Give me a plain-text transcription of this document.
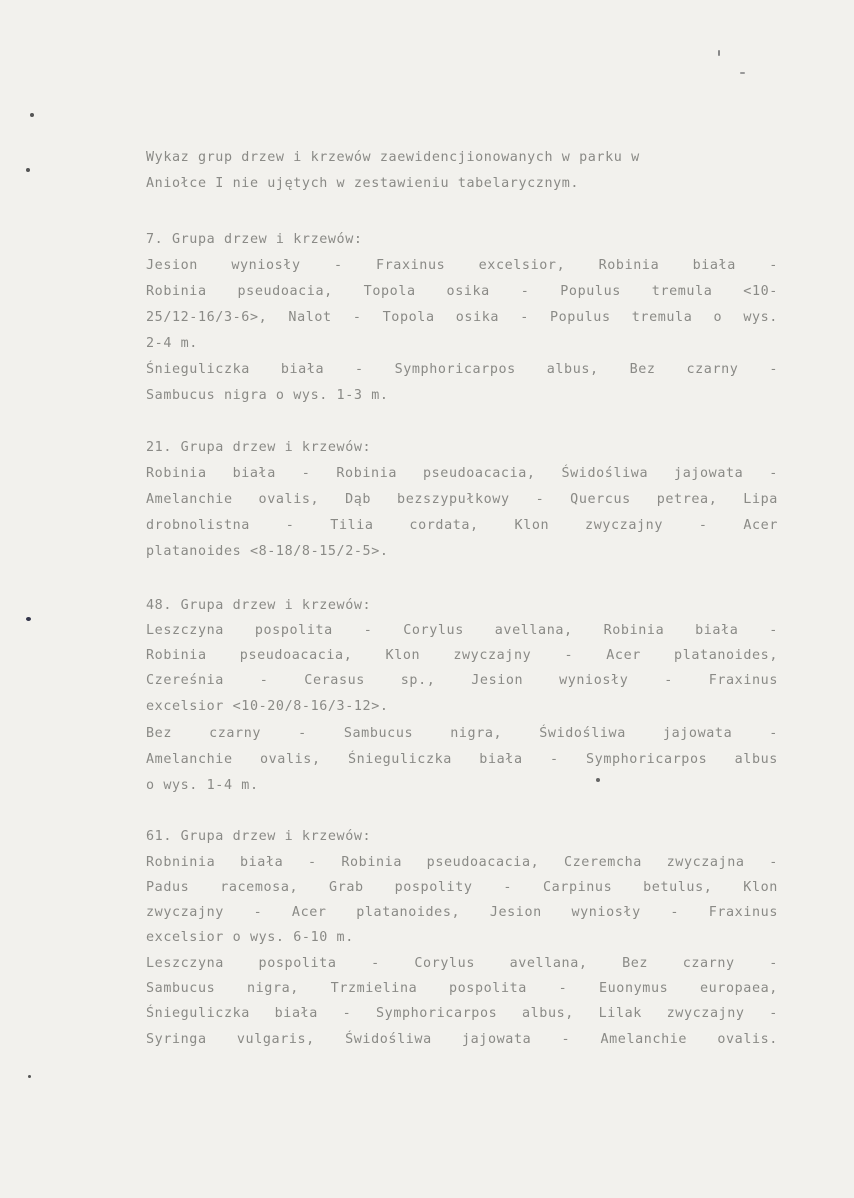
Wykaz grup drzew i krzewów zaewidencjionowanych w parku w
Aniołce I nie ujętych w zestawieniu tabelarycznym.
7. Grupa drzew i krzewów:
Jesion wyniosły - Fraxinus excelsior, Robinia biała -
Robinia pseudoacia, Topola osika - Populus tremula <10-
25/12-16/3-6>, Nalot - Topola osika - Populus tremula o wys.
2-4 m.
Śnieguliczka biała - Symphoricarpos albus, Bez czarny -
Sambucus nigra o wys. 1-3 m.
21. Grupa drzew i krzewów:
Robinia biała - Robinia pseudoacacia, Świdośliwa jajowata -
Amelanchie ovalis, Dąb bezszypułkowy - Quercus petrea, Lipa
drobnolistna	-	Tilia	cordata,	Klon	zwyczajny	-	Acer
platanoides <8-18/8-15/2-5>.
48. Grupa drzew i krzewów:
Leszczyna pospolita - Corylus avellana, Robinia biała -
Robinia pseudoacacia, Klon zwyczajny - Acer platanoides,
Czereśnia	-	Cerasus	sp.,	Jesion	wyniosły	-	Fraxinus
excelsior <10-20/8-16/3-12>.
Bez	czarny	-	Sambucus	nigra,	Świdośliwa	jajowata	-
Amelanchie ovalis, Śnieguliczka biała - Symphoricarpos albus
o wys. 1-4 m.
61. Grupa drzew i krzewów:
Robninia biała - Robinia pseudoacacia, Czeremcha zwyczajna -
Padus racemosa, Grab pospolity - Carpinus betulus, Klon
zwyczajny - Acer platanoides, Jesion wyniosły - Fraxinus
excelsior o wys. 6-10 m.
Leszczyna	pospolita	-	Corylus	avellana,	Bez	czarny	-
Sambucus nigra, Trzmielina pospolita - Euonymus europaea,
Śnieguliczka biała - Symphoricarpos albus, Lilak zwyczajny -
Syringa vulgaris, Świdośliwa jajowata - Amelanchie ovalis.
